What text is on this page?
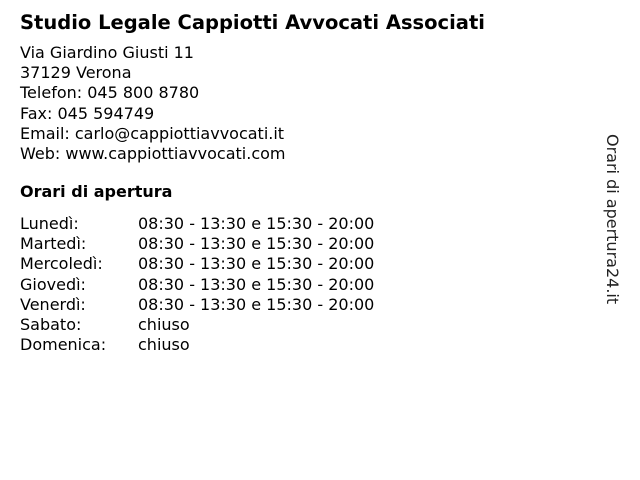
Studio Legale Cappiotti Avvocati Associati
Via Giardino Giusti 11
37129 Verona
Telefon: 045 800 8780
Fax: 045 594749
Email: carlo@cappiottiavvocati.it
Web: www.cappiottiavvocati.com
Orari di apertura
Lunedì:	08:30 - 13:30 e 15:30 - 20:00
Martedì:	08:30 - 13:30 e 15:30 - 20:00
Mercoledì:	08:30 - 13:30 e 15:30 - 20:00
Giovedì:	08:30 - 13:30 e 15:30 - 20:00
Venerdì:	08:30 - 13:30 e 15:30 - 20:00
Sabato:	chiuso
Domenica:	chiuso
Orari di apertura24.it
